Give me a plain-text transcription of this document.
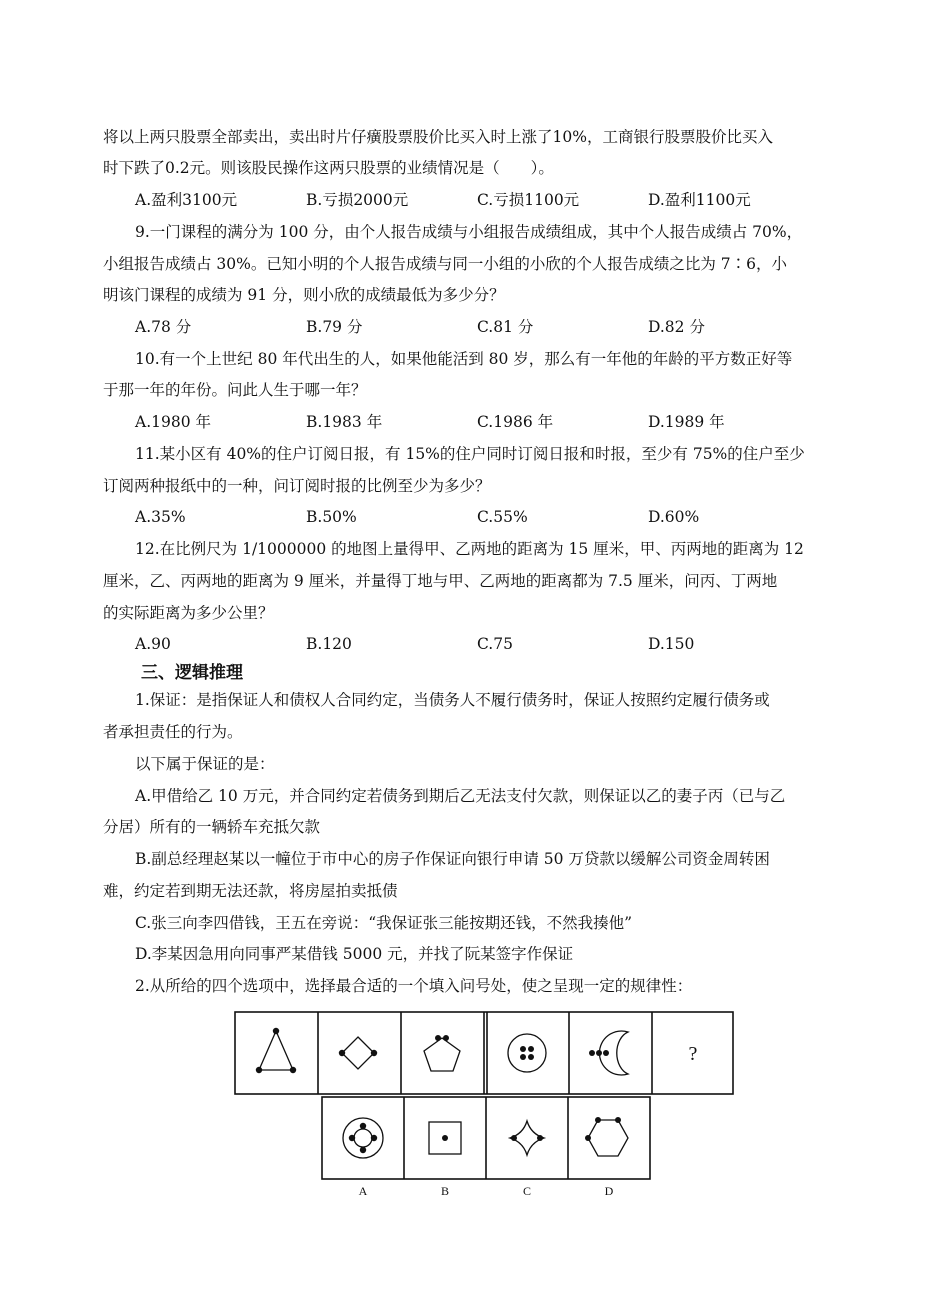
将以上两只股票全部卖出，卖出时片仔癀股票股价比买入时上涨了10%，工商银行股票股价比买入
时下跌了0.2元。则该股民操作这两只股票的业绩情况是（　　）。
A.盈利3100元	B.亏损2000元	C.亏损1100元	D.盈利1100元
9.一门课程的满分为 100 分，由个人报告成绩与小组报告成绩组成，其中个人报告成绩占 70%，
小组报告成绩占 30%。已知小明的个人报告成绩与同一小组的小欣的个人报告成绩之比为 7∶6，小
明该门课程的成绩为 91 分，则小欣的成绩最低为多少分？
A.78 分	B.79 分	C.81 分	D.82 分
10.有一个上世纪 80 年代出生的人，如果他能活到 80 岁，那么有一年他的年龄的平方数正好等
于那一年的年份。问此人生于哪一年？
A.1980 年	B.1983 年	C.1986 年	D.1989 年
11.某小区有 40%的住户订阅日报，有 15%的住户同时订阅日报和时报，至少有 75%的住户至少
订阅两种报纸中的一种，问订阅时报的比例至少为多少？
A.35%	B.50%	C.55%	D.60%
12.在比例尺为 1/1000000 的地图上量得甲、乙两地的距离为 15 厘米，甲、丙两地的距离为 12
厘米，乙、丙两地的距离为 9 厘米，并量得丁地与甲、乙两地的距离都为 7.5 厘米，问丙、丁两地
的实际距离为多少公里？
A.90	B.120	C.75	D.150
三、逻辑推理
1.保证：是指保证人和债权人合同约定，当债务人不履行债务时，保证人按照约定履行债务或
者承担责任的行为。
以下属于保证的是：
A.甲借给乙 10 万元，并合同约定若债务到期后乙无法支付欠款，则保证以乙的妻子丙（已与乙
分居）所有的一辆轿车充抵欠款
B.副总经理赵某以一幢位于市中心的房子作保证向银行申请 50 万贷款以缓解公司资金周转困
难，约定若到期无法还款，将房屋拍卖抵债
C.张三向李四借钱，王五在旁说：“我保证张三能按期还钱，不然我揍他”
D.李某因急用向同事严某借钱 5000 元，并找了阮某签字作保证
2.从所给的四个选项中，选择最合适的一个填入问号处，使之呈现一定的规律性：
?
A	B	C	D
